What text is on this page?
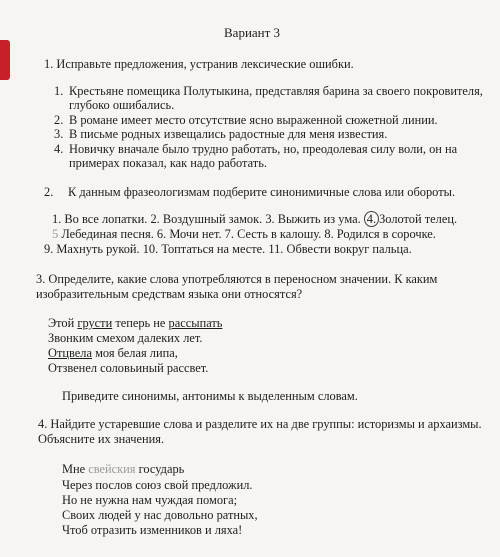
Вариант 3
1. Исправьте предложения, устранив лексические ошибки.
1. Крестьяне помещика Полутыкина, представляя барина за своего покровителя,
глубоко ошибались.
2. В романе имеет место отсутствие ясно выраженной сюжетной линии.
3. В письме родных извещались радостные для меня известия.
4. Новичку вначале было трудно работать, но, преодолевая силу воли, он на
примерах показал, как надо работать.
2. К данным фразеологизмам подберите синонимичные слова или обороты.
1. Во все лопатки. 2. Воздушный замок. 3. Выжить из ума. 4. Золотой телец.
5 Лебединая песня. 6. Мочи нет. 7. Сесть в калошу. 8. Родился в сорочке.
9. Махнуть рукой. 10. Топтаться на месте. 11. Обвести вокруг пальца.
3. Определите, какие слова употребляются в переносном значении. К каким
изобразительным средствам языка они относятся?
Этой грусти теперь не рассыпать
Звонким смехом далеких лет.
Отцвела моя белая липа,
Отзвенел соловьиный рассвет.
Приведите синонимы, антонимы к выделенным словам.
4. Найдите устаревшие слова и разделите их на две группы: историзмы и архаизмы.
Объясните их значения.
Мне свейския государь
Через послов союз свой предложил.
Но не нужна нам чуждая помога;
Своих людей у нас довольно ратных,
Чтоб отразить изменников и ляха!
